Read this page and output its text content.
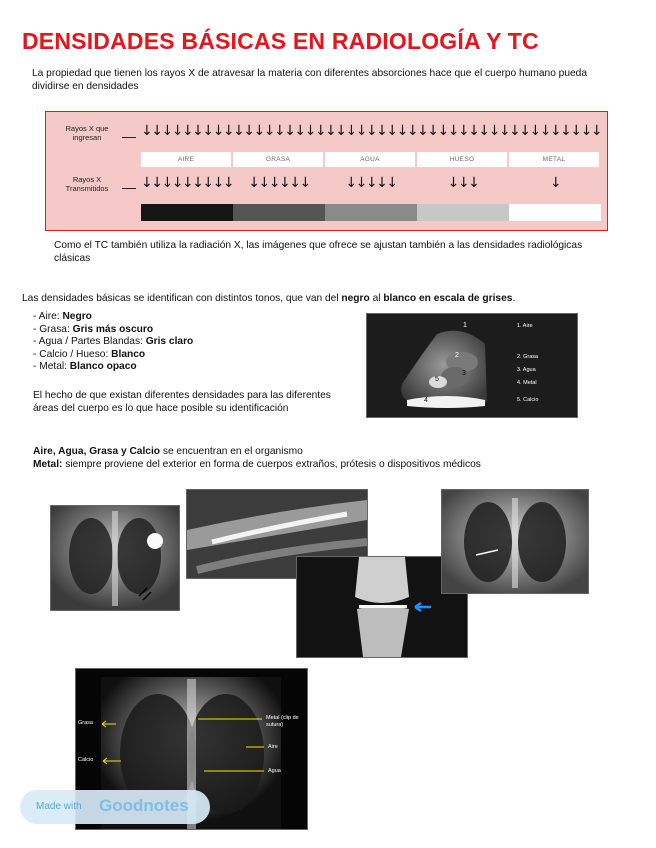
DENSIDADES BÁSICAS EN RADIOLOGÍA Y TC
La propiedad que tienen los rayos X de atravesar la materia con diferentes absorciones hace que el cuerpo humano pueda dividirse en densidades
Rayos X que ingresan
Rayos X Transmitidos
↓↓↓↓↓↓↓↓↓ ↓↓↓↓↓↓↓↓↓ ↓↓↓↓↓↓↓↓↓ ↓↓↓↓↓↓↓↓↓ ↓↓↓↓↓↓↓↓↓
AIRE	GRASA	AGUA	HUESO	METAL
↓↓↓↓↓↓↓↓↓	↓↓↓↓↓↓	↓↓↓↓↓	↓↓↓	↓
Como el TC también utiliza la radiación X, las imágenes que ofrece se ajustan también a las densidades radiológicas clásicas
Las densidades básicas se identifican con distintos tonos, que van del negro al blanco en escala de grises.
- Aire: Negro
- Grasa: Gris más oscuro
- Agua / Partes Blandas: Gris claro
- Calcio / Hueso: Blanco
- Metal: Blanco opaco
1
2
3
4
5
1. Aire
2. Grasa
3. Agua
4. Metal
5. Calcio
El hecho de que existan diferentes densidades para las diferentes áreas del cuerpo es lo que hace posible su identificación
Aire, Agua, Grasa y Calcio se encuentran en el organismo
Metal: siempre proviene del exterior en forma de cuerpos extraños, prótesis o dispositivos médicos
Grasa
Calcio
Metal (clip de sutura)
Aire
Agua
Made with Goodnotes
